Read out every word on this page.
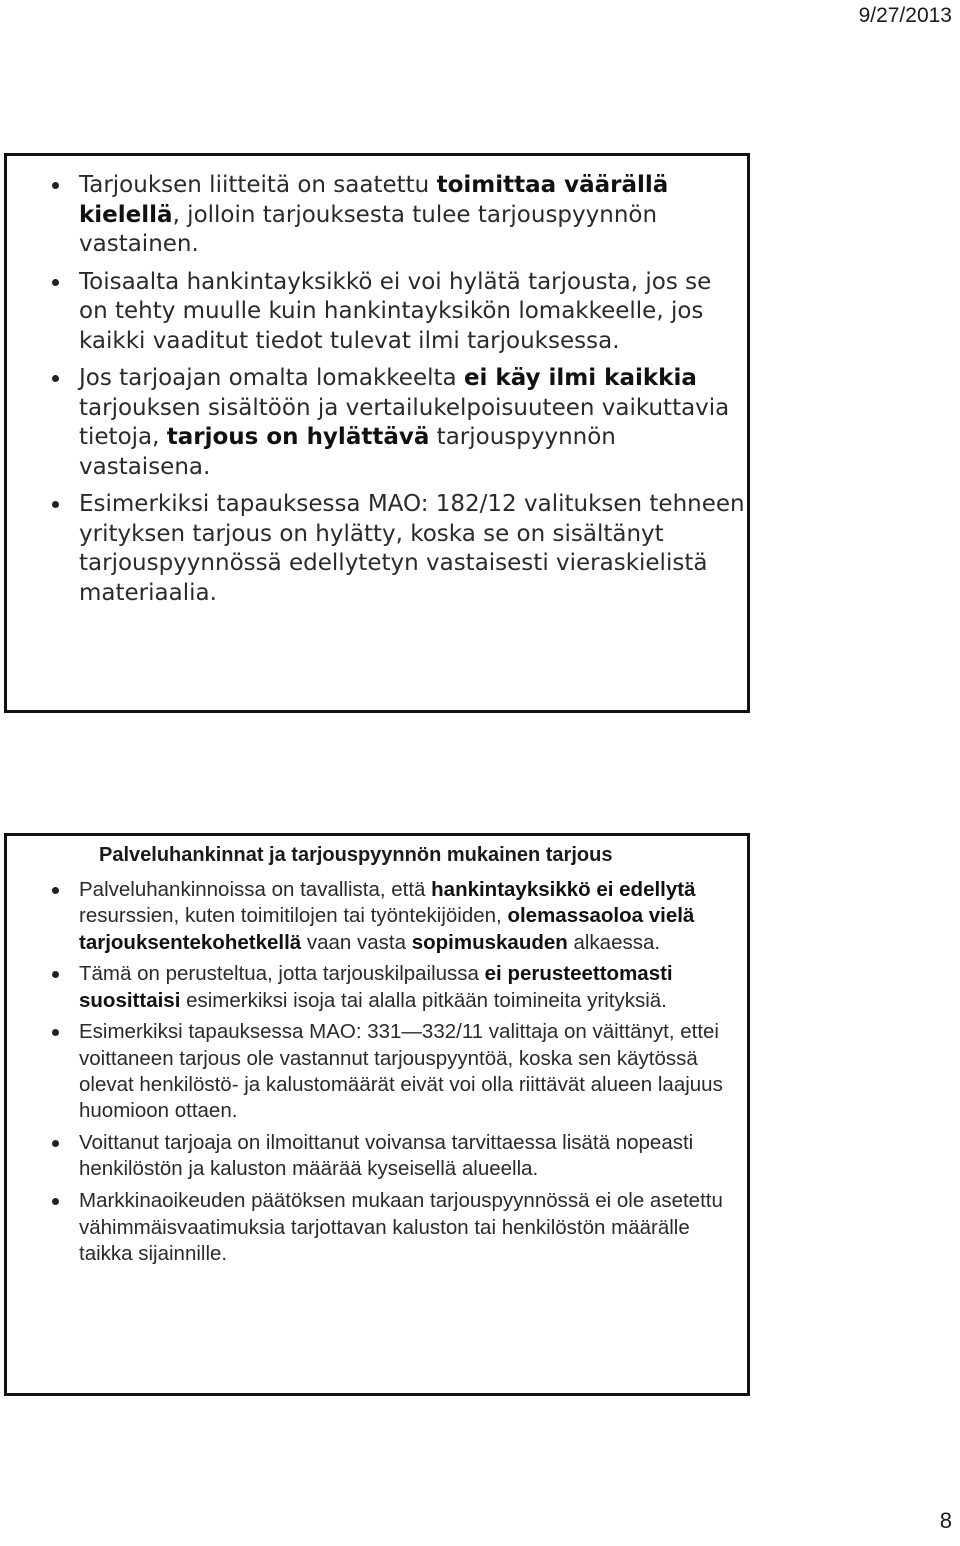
9/27/2013
Tarjouksen liitteitä on saatettu toimittaa väärällä kielellä, jolloin tarjouksesta tulee tarjouspyynnön vastainen.
Toisaalta hankintayksikkö ei voi hylätä tarjousta, jos se on tehty muulle kuin hankintayksikön lomakkeelle, jos kaikki vaaditut tiedot tulevat ilmi tarjouksessa.
Jos tarjoajan omalta lomakkeelta ei käy ilmi kaikkia tarjouksen sisältöön ja vertailukelpoisuuteen vaikuttavia tietoja, tarjous on hylättävä tarjouspyynnön vastaisena.
Esimerkiksi tapauksessa MAO: 182/12 valituksen tehneen yrityksen tarjous on hylätty, koska se on sisältänyt tarjouspyynnössä edellytetyn vastaisesti vieraskielistä materiaalia.
Palveluhankinnat ja tarjouspyynnön mukainen tarjous
Palveluhankinnoissa on tavallista, että hankintayksikkö ei edellytä resurssien, kuten toimitilojen tai työntekijöiden, olemassaoloa vielä tarjouksentekohetkellä vaan vasta sopimuskauden alkaessa.
Tämä on perusteltua, jotta tarjouskilpailussa ei perusteettomasti suosittaisi esimerkiksi isoja tai alalla pitkään toimineita yrityksiä.
Esimerkiksi tapauksessa MAO: 331—332/11 valittaja on väittänyt, ettei voittaneen tarjous ole vastannut tarjouspyyntöä, koska sen käytössä olevat henkilöstö- ja kalustomäärät eivät voi olla riittävät alueen laajuus huomioon ottaen.
Voittanut tarjoaja on ilmoittanut voivansa tarvittaessa lisätä nopeasti henkilöstön ja kaluston määrää kyseisellä alueella.
Markkinaoikeuden päätöksen mukaan tarjouspyynnössä ei ole asetettu vähimmäisvaatimuksia tarjottavan kaluston tai henkilöstön määrälle taikka sijainnille.
8
